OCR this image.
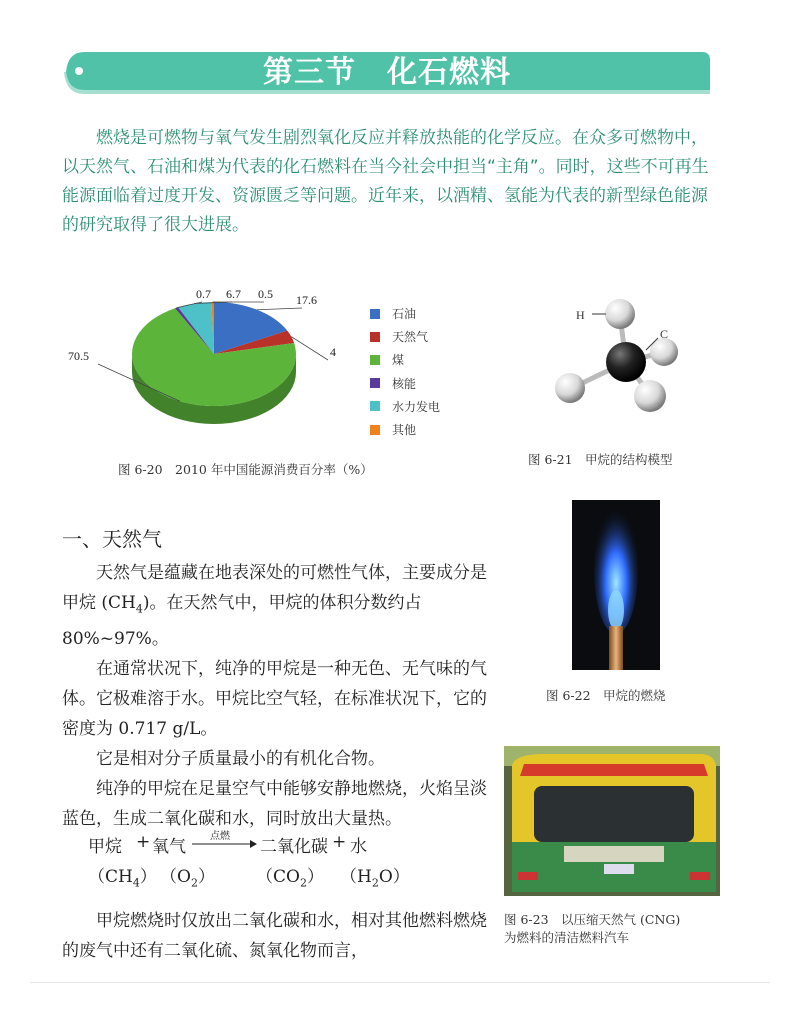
第三节　化石燃料

燃烧是可燃物与氧气发生剧烈氧化反应并释放热能的化学反应。在众多可燃物中，以天然气、石油和煤为代表的化石燃料在当今社会中担当“主角”。同时，这些不可再生能源面临着过度开发、资源匮乏等问题。近年来，以酒精、氢能为代表的新型绿色能源的研究取得了很大进展。

17.6
4
70.5
0.7 6.7 0.5
石油
天然气
煤
核能
水力发电
其他
图 6-20　2010 年中国能源消费百分率（%）
H
C
图 6-21　甲烷的结构模型
一、天然气

天然气是蕴藏在地表深处的可燃性气体，主要成分是甲烷 $(CH_4)$。在天然气中，甲烷的体积分数约占 80%~97%。

在通常状况下，纯净的甲烷是一种无色、无气味的气体。它极难溶于水。甲烷比空气轻，在标准状况下，它的密度为 0.717 g/L。

它是相对分子质量最小的有机化合物。

纯净的甲烷在足量空气中能够安静地燃烧，火焰呈淡蓝色，生成二氧化碳和水，同时放出大量热。

甲烷 + 氧气
点燃
二氧化碳 + 水
$(CH_4)$ $(O_2)$ $(CO_2)$ $(H_2O)$

甲烷燃烧时仅放出二氧化碳和水，相对其他燃料燃烧的废气中还有二氧化硫、氮氧化物而言，

图 6-22　甲烷的燃烧
图 6-23　以压缩天然气 (CNG)
为燃料的清洁燃料汽车
